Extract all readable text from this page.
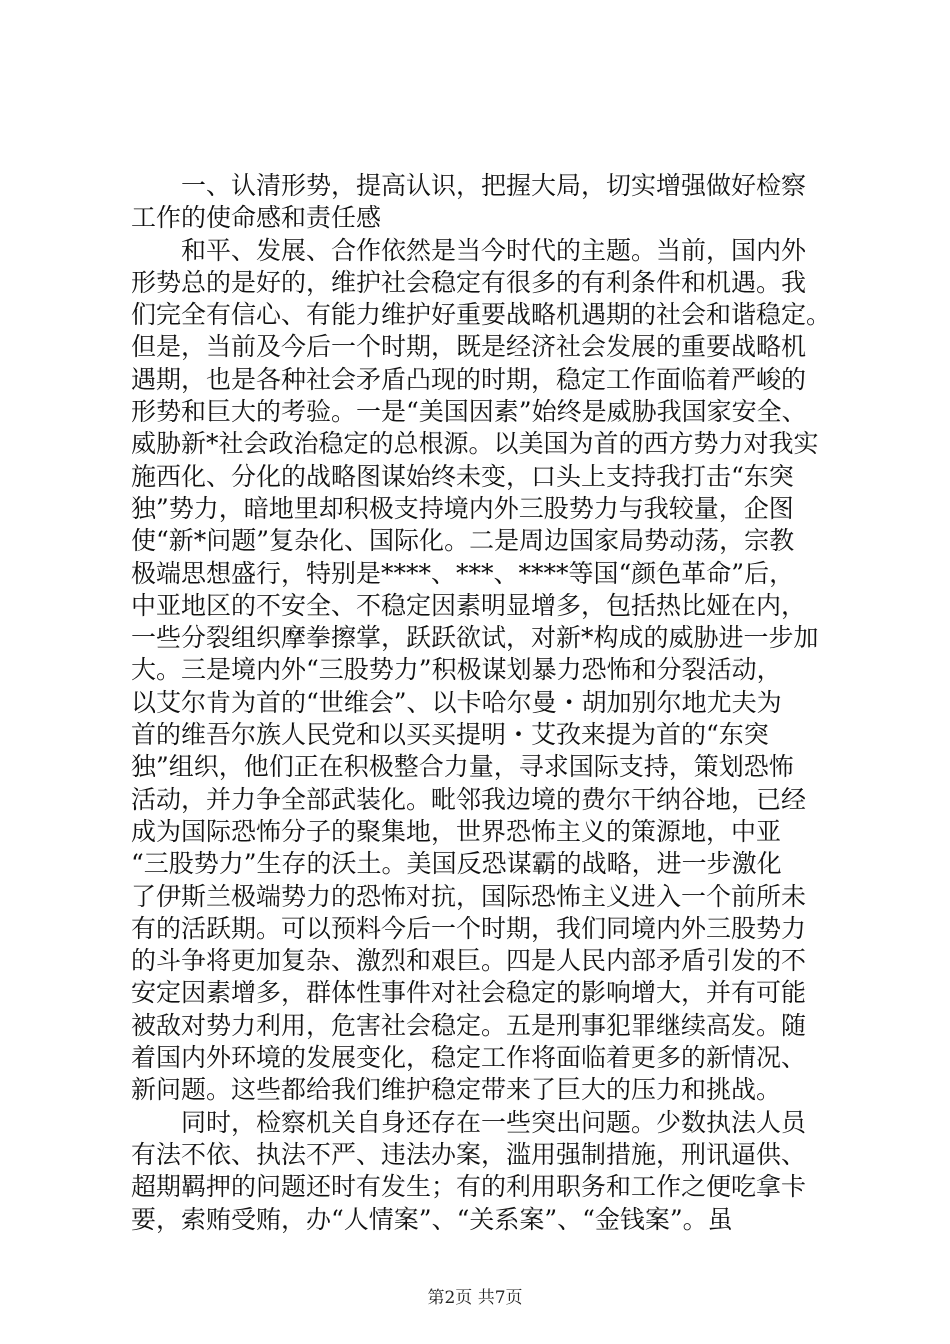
一、认清形势，提高认识，把握大局，切实增强做好检察
工作的使命感和责任感
和平、发展、合作依然是当今时代的主题。当前，国内外
形势总的是好的，维护社会稳定有很多的有利条件和机遇。我
们完全有信心、有能力维护好重要战略机遇期的社会和谐稳定。
但是，当前及今后一个时期，既是经济社会发展的重要战略机
遇期，也是各种社会矛盾凸现的时期，稳定工作面临着严峻的
形势和巨大的考验。一是“美国因素”始终是威胁我国家安全、
威胁新*社会政治稳定的总根源。以美国为首的西方势力对我实
施西化、分化的战略图谋始终未变，口头上支持我打击“东突
独”势力，暗地里却积极支持境内外三股势力与我较量，企图
使“新*问题”复杂化、国际化。二是周边国家局势动荡，宗教
极端思想盛行，特别是****、***、****等国“颜色革命”后，
中亚地区的不安全、不稳定因素明显增多，包括热比娅在内，
一些分裂组织摩拳擦掌，跃跃欲试，对新*构成的威胁进一步加
大。三是境内外“三股势力”积极谋划暴力恐怖和分裂活动，
以艾尔肯为首的“世维会”、以卡哈尔曼・胡加别尔地尤夫为
首的维吾尔族人民党和以买买提明・艾孜来提为首的“东突
独”组织，他们正在积极整合力量，寻求国际支持，策划恐怖
活动，并力争全部武装化。毗邻我边境的费尔干纳谷地，已经
成为国际恐怖分子的聚集地，世界恐怖主义的策源地，中亚
“三股势力”生存的沃土。美国反恐谋霸的战略，进一步激化
了伊斯兰极端势力的恐怖对抗，国际恐怖主义进入一个前所未
有的活跃期。可以预料今后一个时期，我们同境内外三股势力
的斗争将更加复杂、激烈和艰巨。四是人民内部矛盾引发的不
安定因素增多，群体性事件对社会稳定的影响增大，并有可能
被敌对势力利用，危害社会稳定。五是刑事犯罪继续高发。随
着国内外环境的发展变化，稳定工作将面临着更多的新情况、
新问题。这些都给我们维护稳定带来了巨大的压力和挑战。
同时，检察机关自身还存在一些突出问题。少数执法人员
有法不依、执法不严、违法办案，滥用强制措施，刑讯逼供、
超期羁押的问题还时有发生；有的利用职务和工作之便吃拿卡
要，索贿受贿，办“人情案”、“关系案”、“金钱案”。虽
第2页 共7页
